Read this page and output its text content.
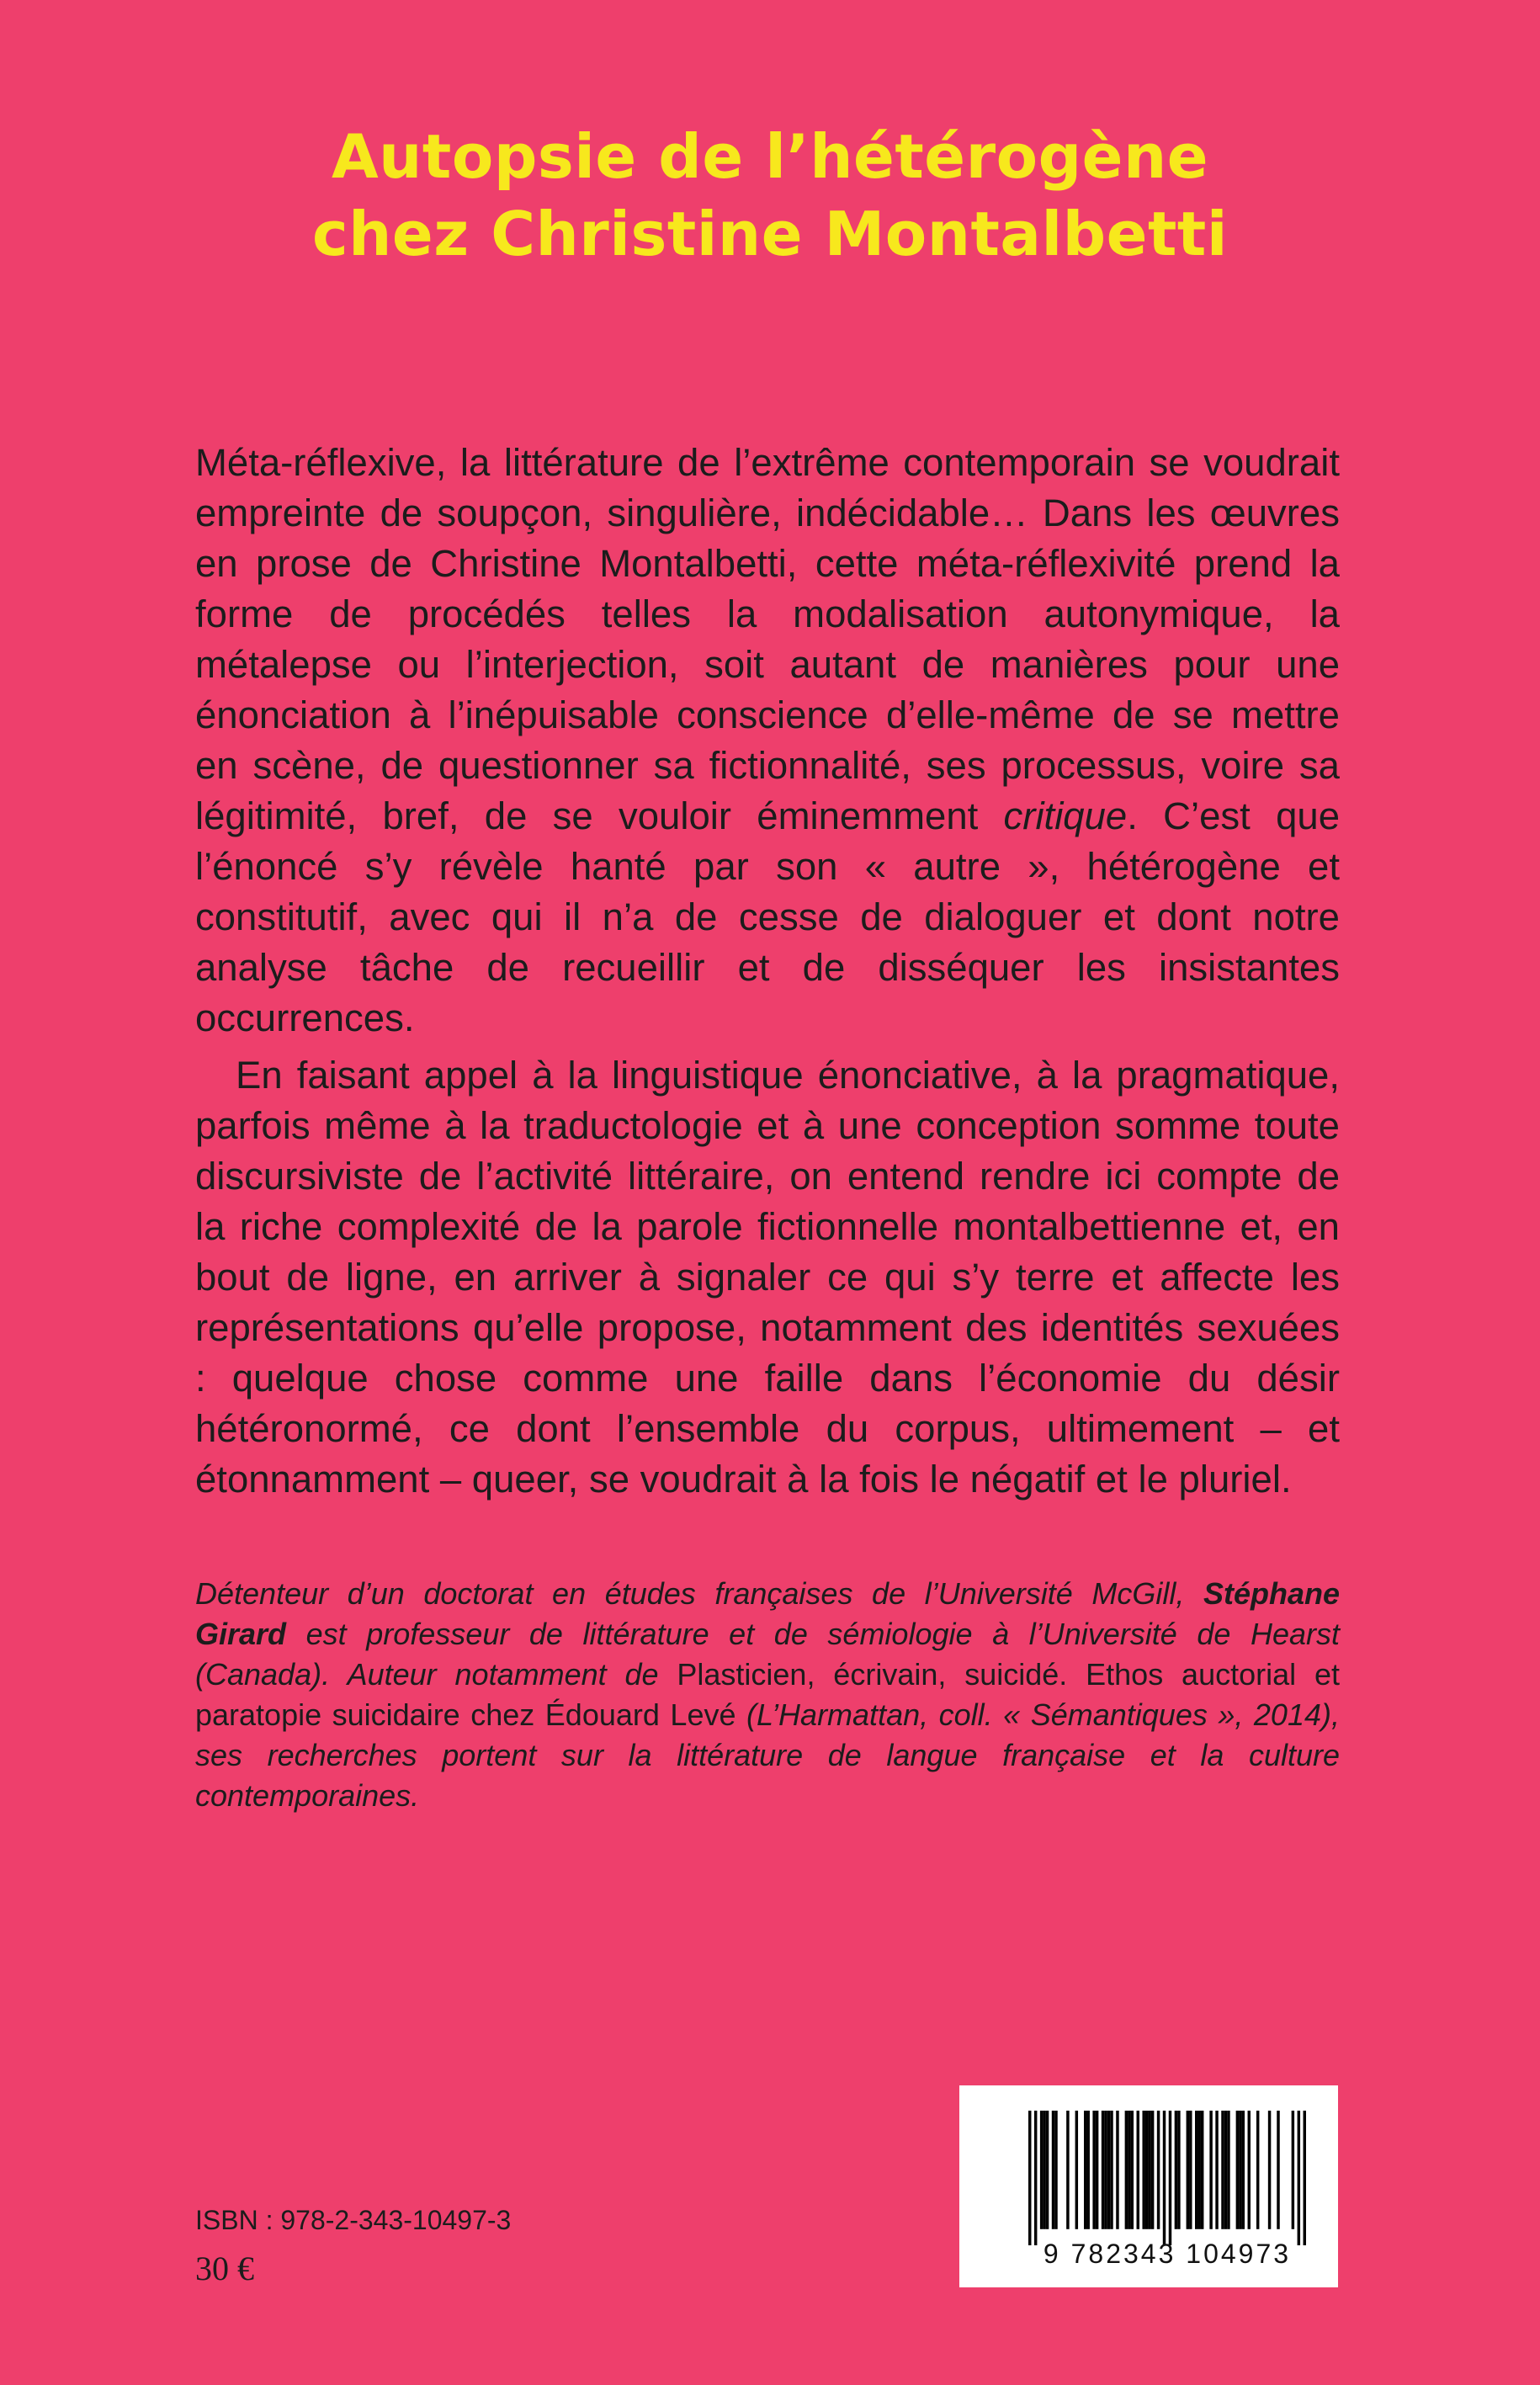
Autopsie de l’hétérogène
chez Christine Montalbetti

Méta-réflexive, la littérature de l’extrême contemporain se voudrait empreinte de soupçon, singulière, indécidable… Dans les œuvres en prose de Christine Montalbetti, cette méta-réflexivité prend la forme de procédés telles la modalisation autonymique, la métalepse ou l’interjection, soit autant de manières pour une énonciation à l’inépuisable conscience d’elle-même de se mettre en scène, de questionner sa fictionnalité, ses processus, voire sa légitimité, bref, de se vouloir éminemment critique. C’est que l’énoncé s’y révèle hanté par son « autre », hétérogène et constitutif, avec qui il n’a de cesse de dialoguer et dont notre analyse tâche de recueillir et de disséquer les insistantes occurrences.

En faisant appel à la linguistique énonciative, à la pragmatique, parfois même à la traductologie et à une conception somme toute discursiviste de l’activité littéraire, on entend rendre ici compte de la riche complexité de la parole fictionnelle montalbettienne et, en bout de ligne, en arriver à signaler ce qui s’y terre et affecte les représentations qu’elle propose, notamment des identités sexuées : quelque chose comme une faille dans l’économie du désir hétéronormé, ce dont l’ensemble du corpus, ultimement – et étonnamment – queer, se voudrait à la fois le négatif et le pluriel.

Détenteur d’un doctorat en études françaises de l’Université McGill, Stéphane Girard est professeur de littérature et de sémiologie à l’Université de Hearst (Canada). Auteur notamment de Plasticien, écrivain, suicidé. Ethos auctorial et paratopie suicidaire chez Édouard Levé (L’Harmattan, coll. « Sémantiques », 2014), ses recherches portent sur la littérature de langue française et la culture contemporaines.

9 782343 104973
ISBN : 978-2-343-10497-3
30 €
